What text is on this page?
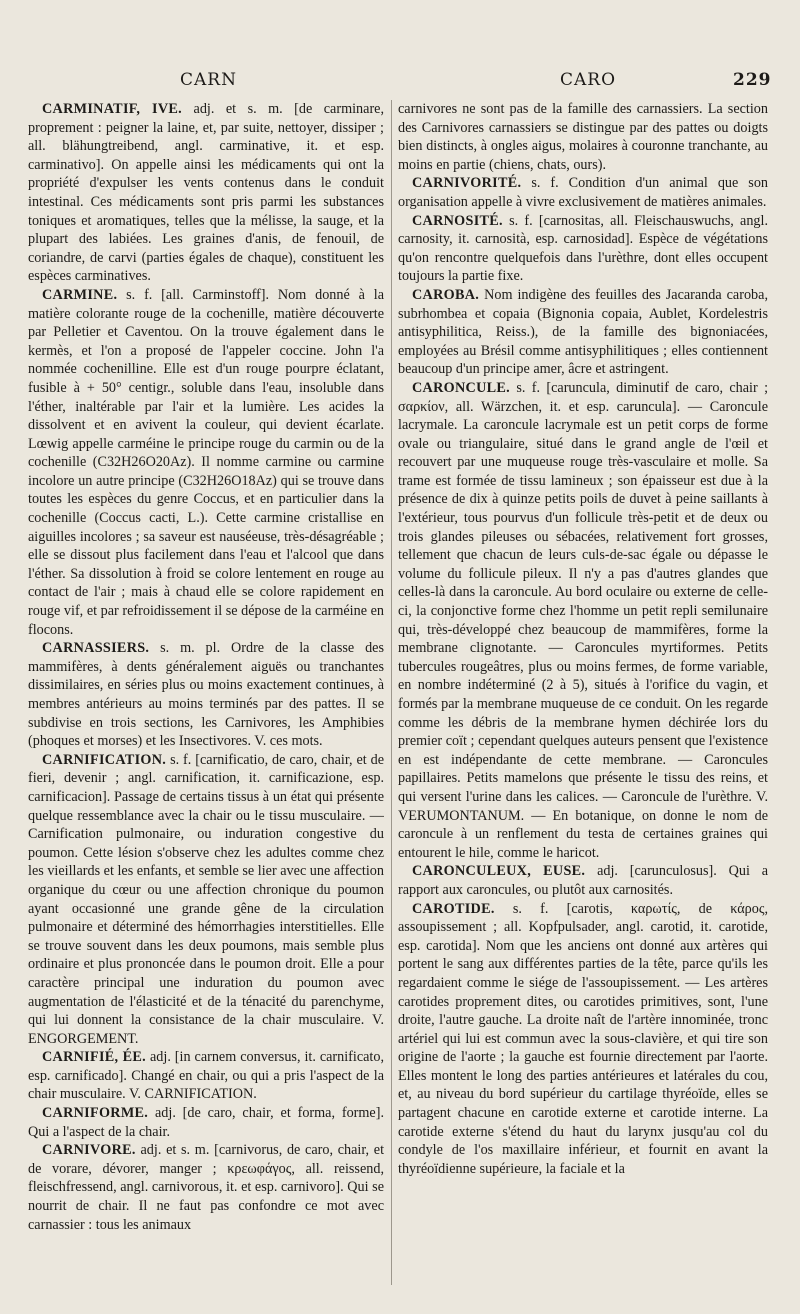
CARN	CARO	229

CARMINATIF, IVE. adj. et s. m. [de carminare, proprement : peigner la laine, et, par suite, nettoyer, dissiper ; all. blähungtreibend, angl. carminative, it. et esp. carminativo]. On appelle ainsi les médicaments qui ont la propriété d'expulser les vents contenus dans le conduit intestinal. Ces médicaments sont pris parmi les substances toniques et aromatiques, telles que la mélisse, la sauge, et la plupart des labiées. Les graines d'anis, de fenouil, de coriandre, de carvi (parties égales de chaque), constituent les espèces carminatives.

CARMINE. s. f. [all. Carminstoff]. Nom donné à la matière colorante rouge de la cochenille, matière découverte par Pelletier et Caventou. On la trouve également dans le kermès, et l'on a proposé de l'appeler coccine. John l'a nommée cochenilline. Elle est d'un rouge pourpre éclatant, fusible à + 50° centigr., soluble dans l'eau, insoluble dans l'éther, inaltérable par l'air et la lumière. Les acides la dissolvent et en avivent la couleur, qui devient écarlate. Lœwig appelle carméine le principe rouge du carmin ou de la cochenille (C32H26O20Az). Il nomme carmine ou carmine incolore un autre principe (C32H26O18Az) qui se trouve dans toutes les espèces du genre Coccus, et en particulier dans la cochenille (Coccus cacti, L.). Cette carmine cristallise en aiguilles incolores ; sa saveur est nauséeuse, très-désagréable ; elle se dissout plus facilement dans l'eau et l'alcool que dans l'éther. Sa dissolution à froid se colore lentement en rouge au contact de l'air ; mais à chaud elle se colore rapidement en rouge vif, et par refroidissement il se dépose de la carméine en flocons.

CARNASSIERS. s. m. pl. Ordre de la classe des mammifères, à dents généralement aiguës ou tranchantes dissimilaires, en séries plus ou moins exactement continues, à membres antérieurs au moins terminés par des pattes. Il se subdivise en trois sections, les Carnivores, les Amphibies (phoques et morses) et les Insectivores. V. ces mots.

CARNIFICATION. s. f. [carnificatio, de caro, chair, et de fieri, devenir ; angl. carnification, it. carnificazione, esp. carnificacion]. Passage de certains tissus à un état qui présente quelque ressemblance avec la chair ou le tissu musculaire. — Carnification pulmonaire, ou induration congestive du poumon. Cette lésion s'observe chez les adultes comme chez les vieillards et les enfants, et semble se lier avec une affection organique du cœur ou une affection chronique du poumon ayant occasionné une grande gêne de la circulation pulmonaire et déterminé des hémorrhagies interstitielles. Elle se trouve souvent dans les deux poumons, mais semble plus ordinaire et plus prononcée dans le poumon droit. Elle a pour caractère principal une induration du poumon avec augmentation de l'élasticité et de la ténacité du parenchyme, qui lui donnent la consistance de la chair musculaire. V. ENGORGEMENT.

CARNIFIÉ, ÉE. adj. [in carnem conversus, it. carnificato, esp. carnificado]. Changé en chair, ou qui a pris l'aspect de la chair musculaire. V. CARNIFICATION.

CARNIFORME. adj. [de caro, chair, et forma, forme]. Qui a l'aspect de la chair.

CARNIVORE. adj. et s. m. [carnivorus, de caro, chair, et de vorare, dévorer, manger ; κρεωφάγος, all. reissend, fleischfressend, angl. carnivorous, it. et esp. carnivoro]. Qui se nourrit de chair. Il ne faut pas confondre ce mot avec carnassier : tous les animaux

carnivores ne sont pas de la famille des carnassiers. La section des Carnivores carnassiers se distingue par des pattes ou doigts bien distincts, à ongles aigus, molaires à couronne tranchante, au moins en partie (chiens, chats, ours).

CARNIVORITÉ. s. f. Condition d'un animal que son organisation appelle à vivre exclusivement de matières animales.

CARNOSITÉ. s. f. [carnositas, all. Fleischauswuchs, angl. carnosity, it. carnosità, esp. carnosidad]. Espèce de végétations qu'on rencontre quelquefois dans l'urèthre, dont elles occupent toujours la partie fixe.

CAROBA. Nom indigène des feuilles des Jacaranda caroba, subrhombea et copaia (Bignonia copaia, Aublet, Kordelestris antisyphilitica, Reiss.), de la famille des bignoniacées, employées au Brésil comme antisyphilitiques ; elles contiennent beaucoup d'un principe amer, âcre et astringent.

CARONCULE. s. f. [caruncula, diminutif de caro, chair ; σαρκίον, all. Wärzchen, it. et esp. caruncula]. — Caroncule lacrymale. La caroncule lacrymale est un petit corps de forme ovale ou triangulaire, situé dans le grand angle de l'œil et recouvert par une muqueuse rouge très-vasculaire et molle. Sa trame est formée de tissu lamineux ; son épaisseur est due à la présence de dix à quinze petits poils de duvet à peine saillants à l'extérieur, tous pourvus d'un follicule très-petit et de deux ou trois glandes pileuses ou sébacées, relativement fort grosses, tellement que chacun de leurs culs-de-sac égale ou dépasse le volume du follicule pileux. Il n'y a pas d'autres glandes que celles-là dans la caroncule. Au bord oculaire ou externe de celle-ci, la conjonctive forme chez l'homme un petit repli semilunaire qui, très-développé chez beaucoup de mammifères, forme la membrane clignotante. — Caroncules myrtiformes. Petits tubercules rougeâtres, plus ou moins fermes, de forme variable, en nombre indéterminé (2 à 5), situés à l'orifice du vagin, et formés par la membrane muqueuse de ce conduit. On les regarde comme les débris de la membrane hymen déchirée lors du premier coït ; cependant quelques auteurs pensent que l'existence en est indépendante de cette membrane. — Caroncules papillaires. Petits mamelons que présente le tissu des reins, et qui versent l'urine dans les calices. — Caroncule de l'urèthre. V. VERUMONTANUM. — En botanique, on donne le nom de caroncule à un renflement du testa de certaines graines qui entourent le hile, comme le haricot.

CARONCULEUX, EUSE. adj. [carunculosus]. Qui a rapport aux caroncules, ou plutôt aux carnosités.

CAROTIDE. s. f. [carotis, καρωτίς, de κάρος, assoupissement ; all. Kopfpulsader, angl. carotid, it. carotide, esp. carotida]. Nom que les anciens ont donné aux artères qui portent le sang aux différentes parties de la tête, parce qu'ils les regardaient comme le siége de l'assoupissement. — Les artères carotides proprement dites, ou carotides primitives, sont, l'une droite, l'autre gauche. La droite naît de l'artère innominée, tronc artériel qui lui est commun avec la sous-clavière, et qui tire son origine de l'aorte ; la gauche est fournie directement par l'aorte. Elles montent le long des parties antérieures et latérales du cou, et, au niveau du bord supérieur du cartilage thyréoïde, elles se partagent chacune en carotide externe et carotide interne. La carotide externe s'étend du haut du larynx jusqu'au col du condyle de l'os maxillaire inférieur, et fournit en avant la thyréoïdienne supérieure, la faciale et la
